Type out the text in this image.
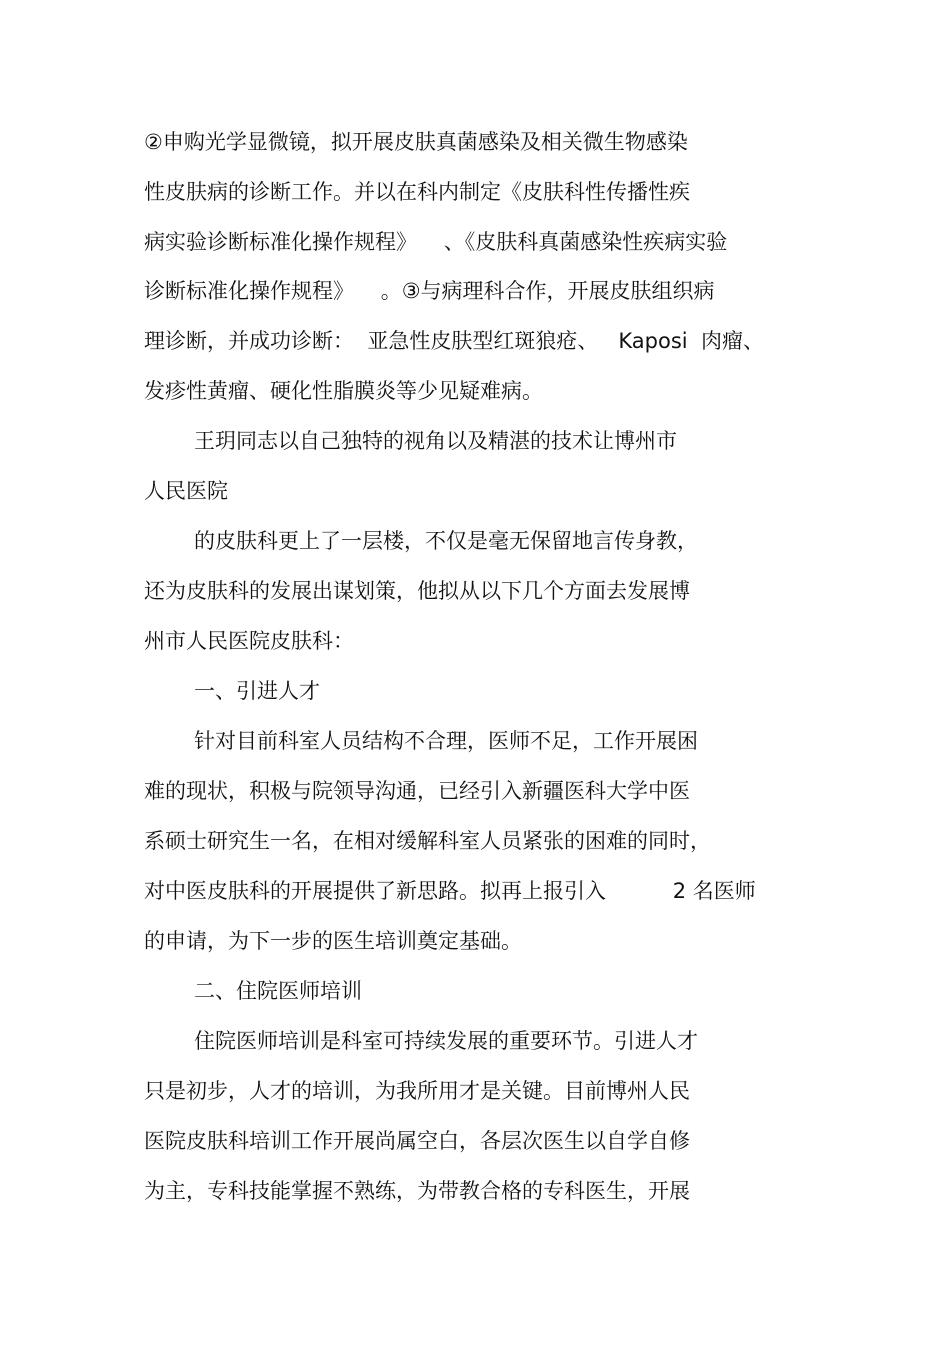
②申购光学显微镜，拟开展皮肤真菌感染及相关微生物感染
性皮肤病的诊断工作。并以在科内制定《皮肤科性传播性疾
病实验诊断标准化操作规程》    、《皮肤科真菌感染性疾病实验
诊断标准化操作规程》    。③与病理科合作，开展皮肤组织病
理诊断，并成功诊断：  亚急性皮肤型红斑狼疮、   Kaposi  肉瘤、
发疹性黄瘤、硬化性脂膜炎等少见疑难病。
王玥同志以自己独特的视角以及精湛的技术让博州市
人民医院
的皮肤科更上了一层楼，不仅是毫无保留地言传身教，
还为皮肤科的发展出谋划策，他拟从以下几个方面去发展博
州市人民医院皮肤科：
一、引进人才
针对目前科室人员结构不合理，医师不足，工作开展困
难的现状，积极与院领导沟通，已经引入新疆医科大学中医
系硕士研究生一名，在相对缓解科室人员紧张的困难的同时，
对中医皮肤科的开展提供了新思路。拟再上报引入          2 名医师
的申请，为下一步的医生培训奠定基础。
二、住院医师培训
住院医师培训是科室可持续发展的重要环节。引进人才
只是初步，人才的培训，为我所用才是关键。目前博州人民
医院皮肤科培训工作开展尚属空白，各层次医生以自学自修
为主，专科技能掌握不熟练，为带教合格的专科医生，开展
